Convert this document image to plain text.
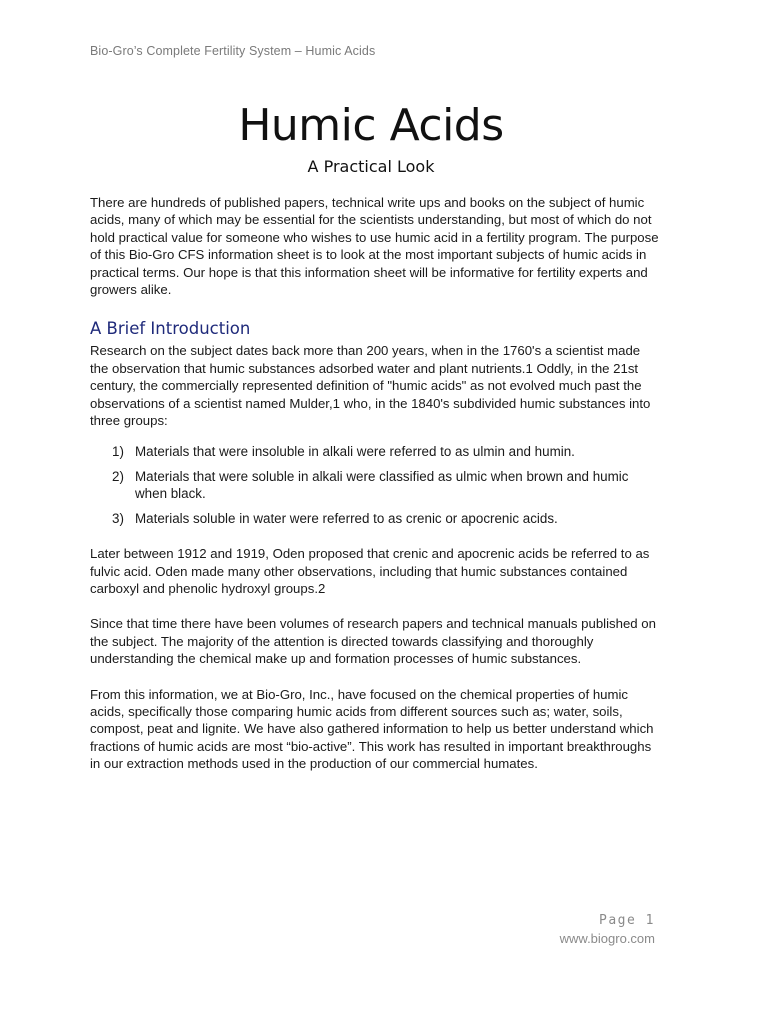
Bio-Gro’s Complete Fertility System – Humic Acids
Humic Acids
A Practical Look

There are hundreds of published papers, technical write ups and books on the subject of humic acids, many of which may be essential for the scientists understanding, but most of which do not hold practical value for someone who wishes to use humic acid in a fertility program. The purpose of this Bio-Gro CFS information sheet is to look at the most important subjects of humic acids in practical terms. Our hope is that this information sheet will be informative for fertility experts and growers alike.

A Brief Introduction

Research on the subject dates back more than 200 years, when in the 1760's a scientist made the observation that humic substances adsorbed water and plant nutrients.1 Oddly, in the 21st century, the commercially represented definition of "humic acids" as not evolved much past the observations of a scientist named Mulder,1 who, in the 1840's subdivided humic substances into three groups:

1) Materials that were insoluble in alkali were referred to as ulmin and humin.
2) Materials that were soluble in alkali were classified as ulmic when brown and humic when black.
3) Materials soluble in water were referred to as crenic or apocrenic acids.

Later between 1912 and 1919, Oden proposed that crenic and apocrenic acids be referred to as fulvic acid. Oden made many other observations, including that humic substances contained carboxyl and phenolic hydroxyl groups.2

Since that time there have been volumes of research papers and technical manuals published on the subject. The majority of the attention is directed towards classifying and thoroughly understanding the chemical make up and formation processes of humic substances.

From this information, we at Bio-Gro, Inc., have focused on the chemical properties of humic acids, specifically those comparing humic acids from different sources such as; water, soils, compost, peat and lignite. We have also gathered information to help us better understand which fractions of humic acids are most “bio-active”. This work has resulted in important breakthroughs in our extraction methods used in the production of our commercial humates.

Page 1
www.biogro.com
